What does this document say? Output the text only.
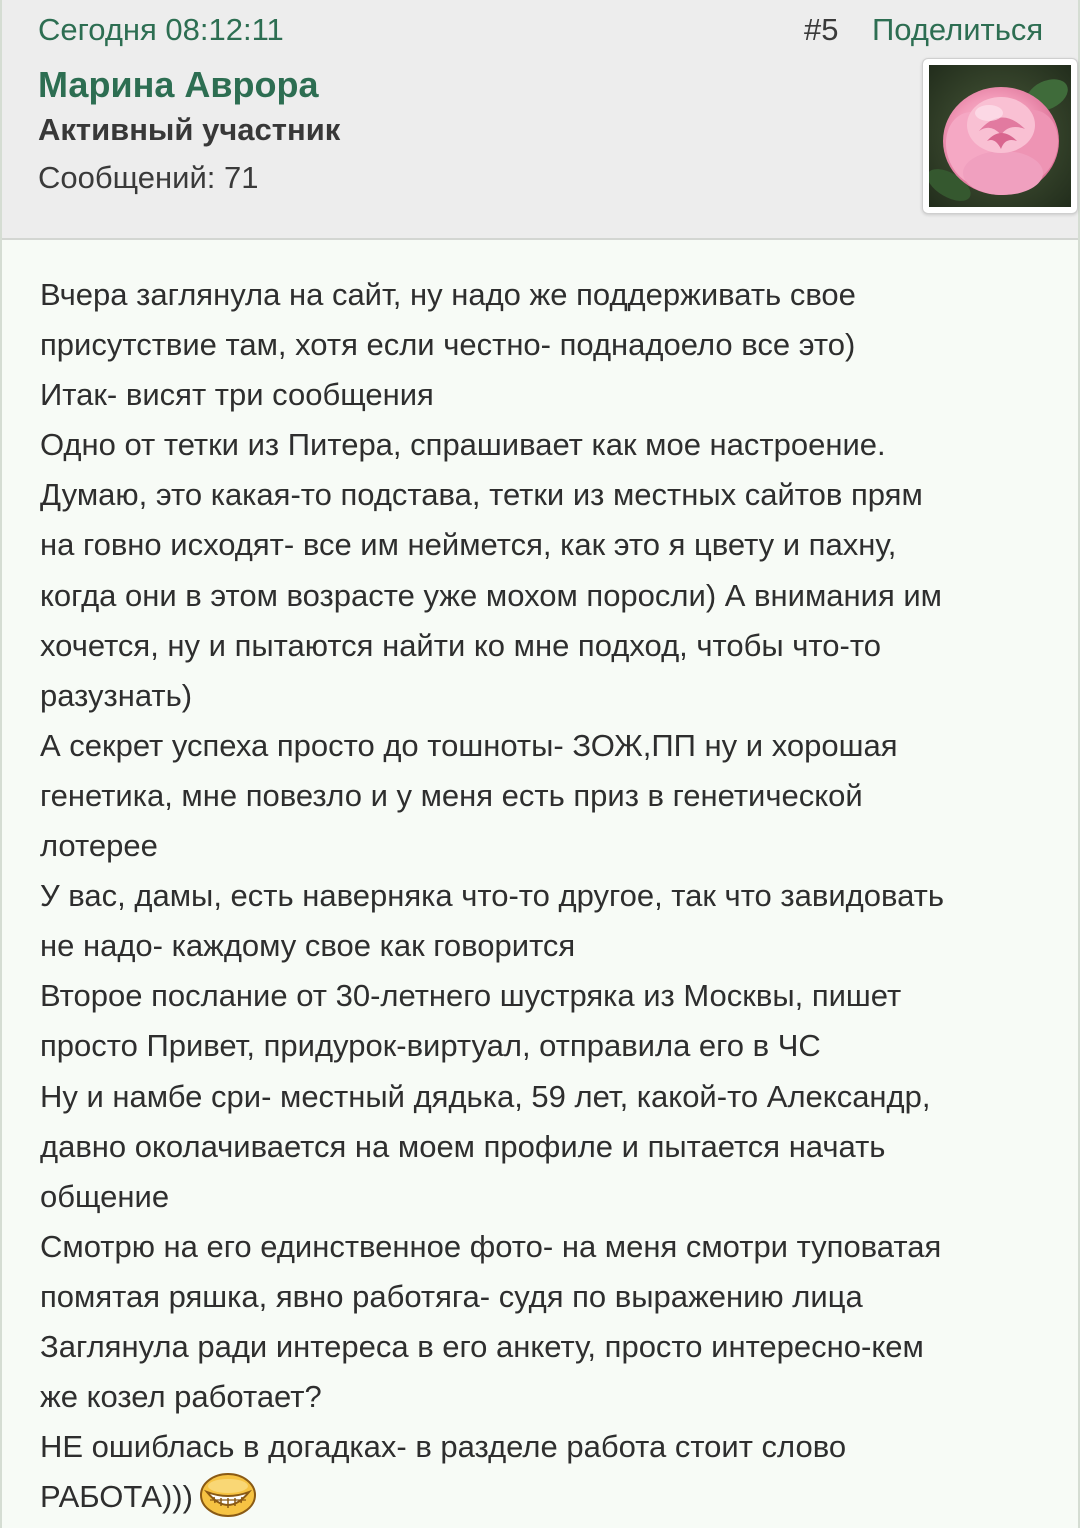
Сегодня 08:12:11	#5 Поделиться
Марина Аврора
Активный участник
Сообщений: 71
Вчера заглянула на сайт, ну надо же поддерживать свое
присутствие там, хотя если честно- поднадоело все это)
Итак- висят три сообщения
Одно от тетки из Питера, спрашивает как мое настроение.
Думаю, это какая-то подстава, тетки из местных сайтов прям
на говно исходят- все им неймется, как это я цвету и пахну,
когда они в этом возрасте уже мохом поросли) А внимания им
хочется, ну и пытаются найти ко мне подход, чтобы что-то
разузнать)
А секрет успеха просто до тошноты- ЗОЖ,ПП ну и хорошая
генетика, мне повезло и у меня есть приз в генетической
лотерее
У вас, дамы, есть наверняка что-то другое, так что завидовать
не надо- каждому свое как говорится
Второе послание от 30-летнего шустряка из Москвы, пишет
просто Привет, придурок-виртуал, отправила его в ЧС
Ну и намбе сри- местный дядька, 59 лет, какой-то Александр,
давно околачивается на моем профиле и пытается начать
общение
Смотрю на его единственное фото- на меня смотри туповатая
помятая ряшка, явно работяга- судя по выражению лица
Заглянула ради интереса в его анкету, просто интересно-кем
же козел работает?
НЕ ошиблась в догадках- в разделе работа стоит слово
РАБОТА)))
